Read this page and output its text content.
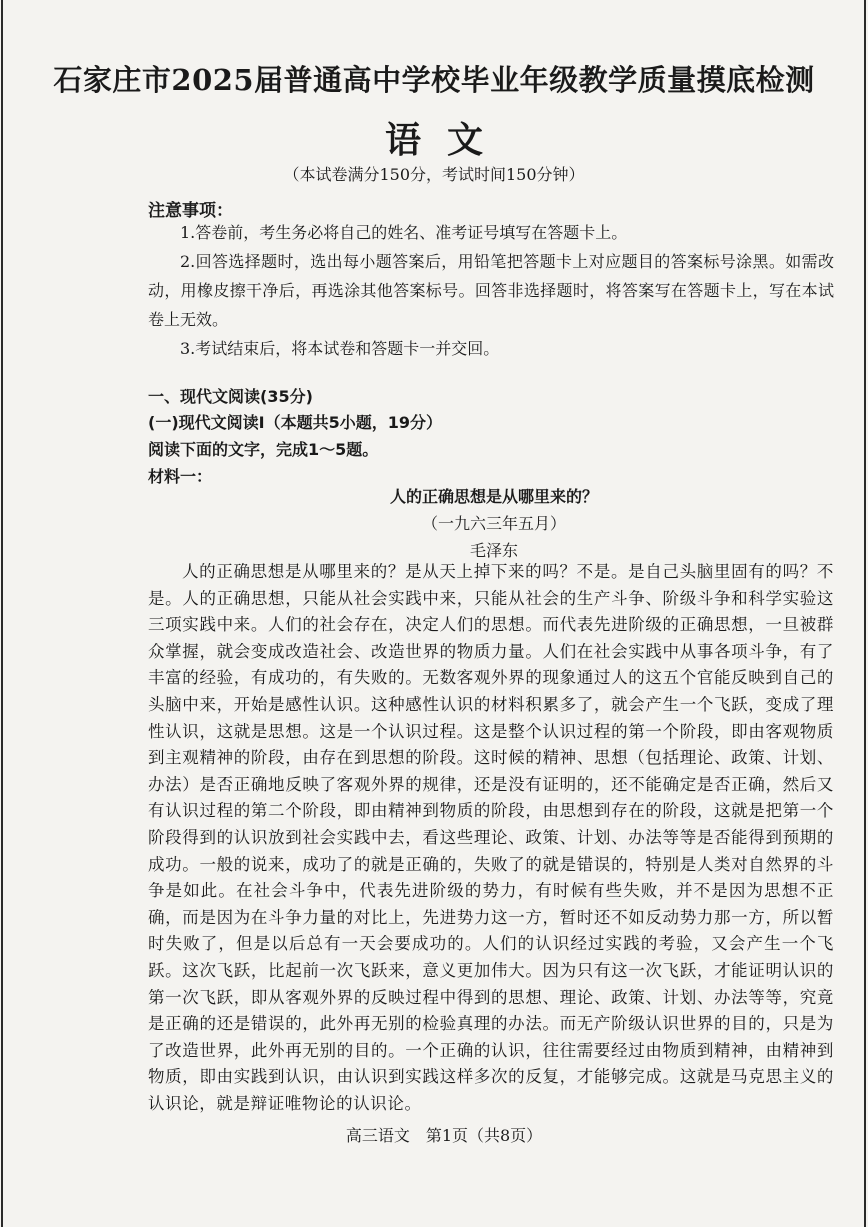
石家庄市2025届普通高中学校毕业年级教学质量摸底检测
语文
（本试卷满分150分，考试时间150分钟）
注意事项：

1.答卷前，考生务必将自己的姓名、准考证号填写在答题卡上。

2.回答选择题时，选出每小题答案后，用铅笔把答题卡上对应题目的答案标号涂黑。如需改动，用橡皮擦干净后，再选涂其他答案标号。回答非选择题时，将答案写在答题卡上，写在本试卷上无效。

3.考试结束后，将本试卷和答题卡一并交回。

一、现代文阅读(35分)
(一)现代文阅读Ⅰ（本题共5小题，19分）
阅读下面的文字，完成1～5题。
材料一：
人的正确思想是从哪里来的？
（一九六三年五月）
毛泽东

人的正确思想是从哪里来的？是从天上掉下来的吗？不是。是自己头脑里固有的吗？不是。人的正确思想，只能从社会实践中来，只能从社会的生产斗争、阶级斗争和科学实验这三项实践中来。人们的社会存在，决定人们的思想。而代表先进阶级的正确思想，一旦被群众掌握，就会变成改造社会、改造世界的物质力量。人们在社会实践中从事各项斗争，有了丰富的经验，有成功的，有失败的。无数客观外界的现象通过人的这五个官能反映到自己的头脑中来，开始是感性认识。这种感性认识的材料积累多了，就会产生一个飞跃，变成了理性认识，这就是思想。这是一个认识过程。这是整个认识过程的第一个阶段，即由客观物质到主观精神的阶段，由存在到思想的阶段。这时候的精神、思想（包括理论、政策、计划、办法）是否正确地反映了客观外界的规律，还是没有证明的，还不能确定是否正确，然后又有认识过程的第二个阶段，即由精神到物质的阶段，由思想到存在的阶段，这就是把第一个阶段得到的认识放到社会实践中去，看这些理论、政策、计划、办法等等是否能得到预期的成功。一般的说来，成功了的就是正确的，失败了的就是错误的，特别是人类对自然界的斗争是如此。在社会斗争中，代表先进阶级的势力，有时候有些失败，并不是因为思想不正确，而是因为在斗争力量的对比上，先进势力这一方，暂时还不如反动势力那一方，所以暂时失败了，但是以后总有一天会要成功的。人们的认识经过实践的考验，又会产生一个飞跃。这次飞跃，比起前一次飞跃来，意义更加伟大。因为只有这一次飞跃，才能证明认识的第一次飞跃，即从客观外界的反映过程中得到的思想、理论、政策、计划、办法等等，究竟是正确的还是错误的，此外再无别的检验真理的办法。而无产阶级认识世界的目的，只是为了改造世界，此外再无别的目的。一个正确的认识，往往需要经过由物质到精神，由精神到物质，即由实践到认识，由认识到实践这样多次的反复，才能够完成。这就是马克思主义的认识论，就是辩证唯物论的认识论。

高三语文　第1页（共8页）
